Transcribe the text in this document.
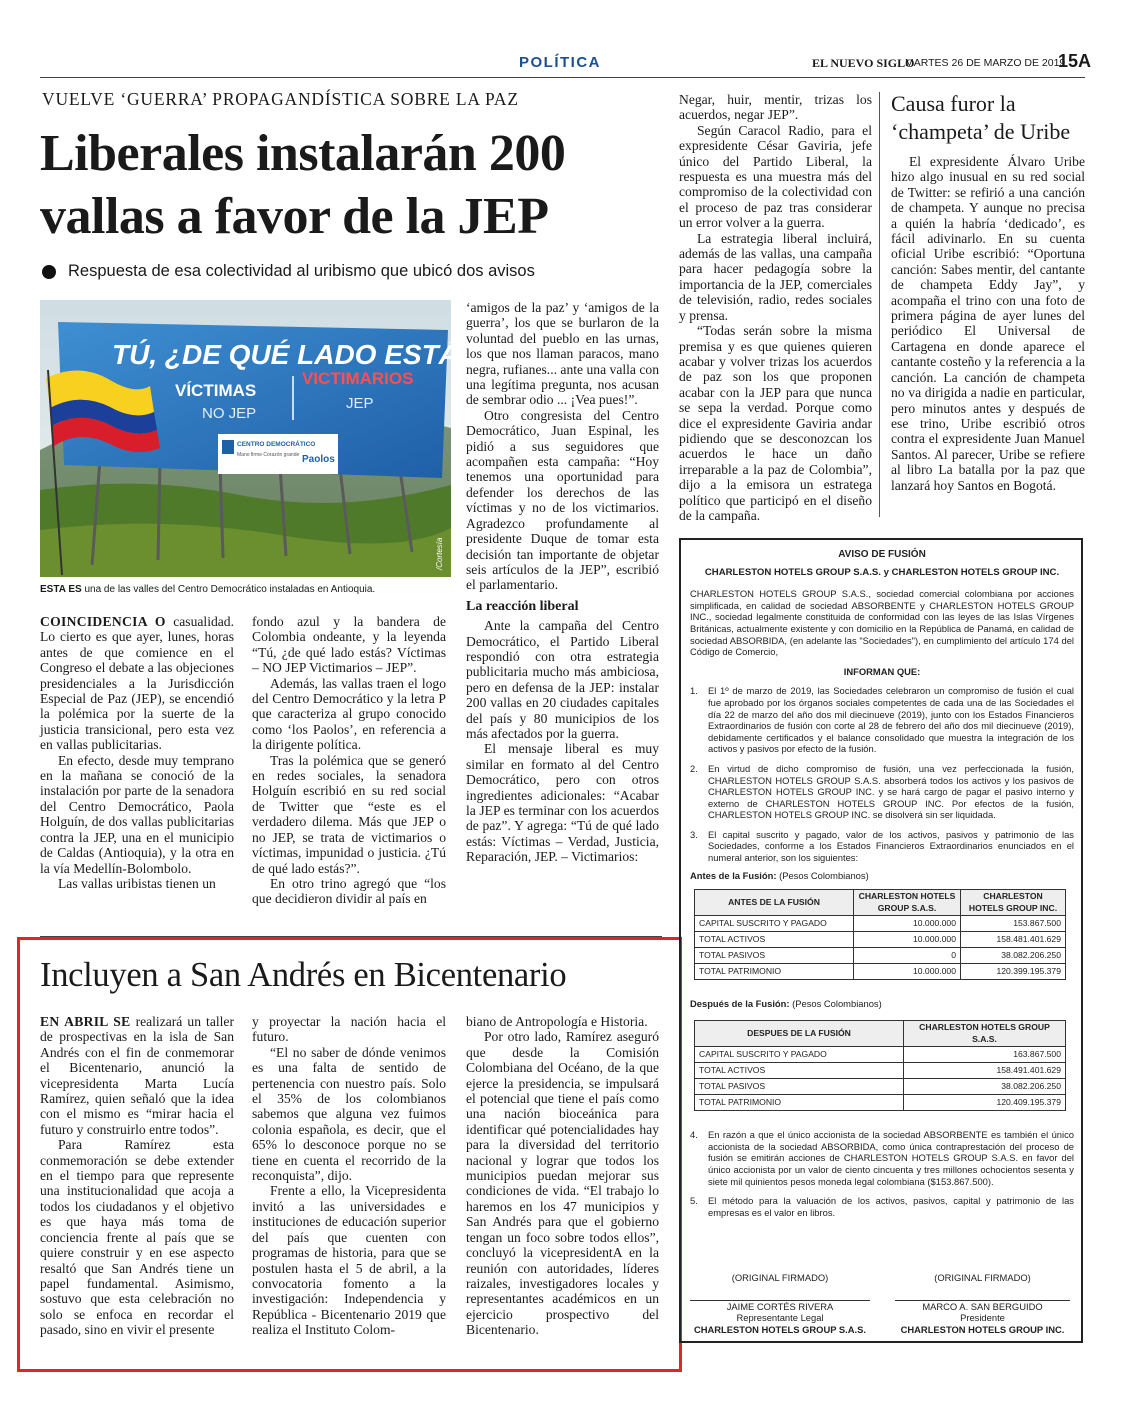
POLÍTICA	EL NUEVO SIGLO
MARTES 26 DE MARZO DE 2019
15A
VUELVE ‘GUERRA’ PROPAGANDÍSTICA SOBRE LA PAZ
Liberales instalarán 200
vallas a favor de la JEP
Respuesta de esa colectividad al uribismo que ubicó dos avisos
TÚ, ¿DE QUÉ LADO ESTÁS?
VÍCTIMAS
NO JEP
VICTIMARIOS
JEP
CENTRO DEMOCRÁTICO
Mano firme Corazón grande Paolos
/Cortesía
ESTA ES una de las valles del Centro Democrático instaladas en Antioquia.

COINCIDENCIA O casualidad. Lo cierto es que ayer, lunes, horas antes de que comience en el Congreso el debate a las objeciones presidenciales a la Jurisdicción Especial de Paz (JEP), se encendió la polémica por la suerte de la justicia transicional, pero esta vez en vallas publicitarias.

En efecto, desde muy temprano en la mañana se conoció de la instalación por parte de la senadora del Centro Democrático, Paola Holguín, de dos vallas publicitarias contra la JEP, una en el municipio de Caldas (Antioquia), y la otra en la vía Medellín-Bolombolo.

Las vallas uribistas tienen un

fondo azul y la bandera de Colombia ondeante, y la leyenda “Tú, ¿de qué lado estás? Víctimas – NO JEP Victimarios – JEP”.

Además, las vallas traen el logo del Centro Democrático y la letra P que caracteriza al grupo conocido como ‘los Paolos’, en referencia a la dirigente política.

Tras la polémica que se generó en redes sociales, la senadora Holguín escribió en su red social de Twitter que “este es el verdadero dilema. Más que JEP o no JEP, se trata de victimarios o víctimas, impunidad o justicia. ¿Tú de qué lado estás?”.

En otro trino agregó que “los que decidieron dividir al país en

‘amigos de la paz’ y ‘amigos de la guerra’, los que se burlaron de la voluntad del pueblo en las urnas, los que nos llaman paracos, mano negra, rufianes... ante una valla con una legítima pregunta, nos acusan de sembrar odio ... ¡Vea pues!”.

Otro congresista del Centro Democrático, Juan Espinal, les pidió a sus seguidores que acompañen esta campaña: “Hoy tenemos una oportunidad para defender los derechos de las víctimas y no de los victimarios. Agradezco profundamente al presidente Duque de tomar esta decisión tan importante de objetar seis artículos de la JEP”, escribió el parlamentario.

La reacción liberal

Ante la campaña del Centro Democrático, el Partido Liberal respondió con otra estrategia publicitaria mucho más ambiciosa, pero en defensa de la JEP: instalar 200 vallas en 20 ciudades capitales del país y 80 municipios de los más afectados por la guerra.

El mensaje liberal es muy similar en formato al del Centro Democrático, pero con otros ingredientes adicionales: “Acabar la JEP es terminar con los acuerdos de paz”. Y agrega: “Tú de qué lado estás: Víctimas – Verdad, Justicia, Reparación, JEP. – Victimarios:

Negar, huir, mentir, trizas los acuerdos, negar JEP”.

Según Caracol Radio, para el expresidente César Gaviria, jefe único del Partido Liberal, la respuesta es una muestra más del compromiso de la colectividad con el proceso de paz tras considerar un error volver a la guerra.

La estrategia liberal incluirá, además de las vallas, una campaña para hacer pedagogía sobre la importancia de la JEP, comerciales de televisión, radio, redes sociales y prensa.

“Todas serán sobre la misma premisa y es que quienes quieren acabar y volver trizas los acuerdos de paz son los que proponen acabar con la JEP para que nunca se sepa la verdad. Porque como dice el expresidente Gaviria andar pidiendo que se desconozcan los acuerdos le hace un daño irreparable a la paz de Colombia”, dijo a la emisora un estratega político que participó en el diseño de la campaña.

Causa furor la
‘champeta’ de Uribe

El expresidente Álvaro Uribe hizo algo inusual en su red social de Twitter: se refirió a una canción de champeta. Y aunque no precisa a quién la habría ‘dedicado’, es fácil adivinarlo. En su cuenta oficial Uribe escribió: “Oportuna canción: Sabes mentir, del cantante de champeta Eddy Jay”, y acompaña el trino con una foto de primera página de ayer lunes del periódico El Universal de Cartagena en donde aparece el cantante costeño y la referencia a la canción. La canción de champeta no va dirigida a nadie en particular, pero minutos antes y después de ese trino, Uribe escribió otros contra el expresidente Juan Manuel Santos. Al parecer, Uribe se refiere al libro La batalla por la paz que lanzará hoy Santos en Bogotá.

Incluyen a San Andrés en Bicentenario

EN ABRIL SE realizará un taller de prospectivas en la isla de San Andrés con el fin de conmemorar el Bicentenario, anunció la vicepresidenta Marta Lucía Ramírez, quien señaló que la idea con el mismo es “mirar hacia el futuro y construirlo entre todos”.

Para Ramírez esta conmemoración se debe extender en el tiempo para que represente una institucionalidad que acoja a todos los ciudadanos y el objetivo es que haya más toma de conciencia frente al país que se quiere construir y en ese aspecto resaltó que San Andrés tiene un papel fundamental. Asimismo, sostuvo que esta celebración no solo se enfoca en recordar el pasado, sino en vivir el presente

y proyectar la nación hacia el futuro.

“El no saber de dónde venimos es una falta de sentido de pertenencia con nuestro país. Solo el 35% de los colombianos sabemos que alguna vez fuimos colonia española, es decir, que el 65% lo desconoce porque no se tiene en cuenta el recorrido de la reconquista”, dijo.

Frente a ello, la Vicepresidenta invitó a las universidades e instituciones de educación superior del país que cuenten con programas de historia, para que se postulen hasta el 5 de abril, a la convocatoria fomento a la investigación: Independencia y República - Bicentenario 2019 que realiza el Instituto Colom-

biano de Antropología e Historia.

Por otro lado, Ramírez aseguró que desde la Comisión Colombiana del Océano, de la que ejerce la presidencia, se impulsará el potencial que tiene el país como una nación bioceánica para identificar qué potencialidades hay para la diversidad del territorio nacional y lograr que todos los municipios puedan mejorar sus condiciones de vida. “El trabajo lo haremos en los 47 municipios y San Andrés para que el gobierno tengan un foco sobre todos ellos”, concluyó la vicepresidentA en la reunión con autoridades, líderes raizales, investigadores locales y representantes académicos en un ejercicio prospectivo del Bicentenario.

AVISO DE FUSIÓN
CHARLESTON HOTELS GROUP S.A.S. y CHARLESTON HOTELS GROUP INC.

CHARLESTON HOTELS GROUP S.A.S., sociedad comercial colombiana por acciones simplificada, en calidad de sociedad ABSORBENTE y CHARLESTON HOTELS GROUP INC., sociedad legalmente constituida de conformidad con las leyes de las Islas Vírgenes Británicas, actualmente existente y con domicilio en la República de Panamá, en calidad de sociedad ABSORBIDA, (en adelante las "Sociedades"), en cumplimiento del artículo 174 del Código de Comercio,

INFORMAN QUE:
1.	El 1º de marzo de 2019, las Sociedades celebraron un compromiso de fusión el cual fue aprobado por los órganos sociales competentes de cada una de las Sociedades el día 22 de marzo del año dos mil diecinueve (2019), junto con los Estados Financieros Extraordinarios de fusión con corte al 28 de febrero del año dos mil diecinueve (2019), debidamente certificados y el balance consolidado que muestra la integración de los activos y pasivos por efecto de la fusión.

2.	En virtud de dicho compromiso de fusión, una vez perfeccionada la fusión, CHARLESTON HOTELS GROUP S.A.S. absorberá todos los activos y los pasivos de CHARLESTON HOTELS GROUP INC. y se hará cargo de pagar el pasivo interno y externo de CHARLESTON HOTELS GROUP INC. Por efectos de la fusión, CHARLESTON HOTELS GROUP INC. se disolverá sin ser liquidada.

3.	El capital suscrito y pagado, valor de los activos, pasivos y patrimonio de las Sociedades, conforme a los Estados Financieros Extraordinarios enunciados en el numeral anterior, son los siguientes:

Antes de la Fusión: (Pesos Colombianos)
ANTES DE LA FUSIÓN	CHARLESTON HOTELS GROUP S.A.S.	CHARLESTON HOTELS GROUP INC.
CAPITAL SUSCRITO Y PAGADO	10.000.000	153.867.500
TOTAL ACTIVOS	10.000.000	158.481.401.629
TOTAL PASIVOS	0	38.082.206.250
TOTAL PATRIMONIO	10.000.000	120.399.195.379
Después de la Fusión: (Pesos Colombianos)
DESPUES DE LA FUSIÓN	CHARLESTON HOTELS GROUP S.A.S.
CAPITAL SUSCRITO Y PAGADO	163.867.500
TOTAL ACTIVOS	158.491.401.629
TOTAL PASIVOS	38.082.206.250
TOTAL PATRIMONIO	120.409.195.379
4.	En razón a que el único accionista de la sociedad ABSORBENTE es también el único accionista de la sociedad ABSORBIDA, como única contraprestación del proceso de fusión se emitirán acciones de CHARLESTON HOTELS GROUP S.A.S. en favor del único accionista por un valor de ciento cincuenta y tres millones ochocientos sesenta y siete mil quinientos pesos moneda legal colombiana ($153.867.500).

5.	El método para la valuación de los activos, pasivos, capital y patrimonio de las empresas es el valor en libros.

(ORIGINAL FIRMADO)
JAIME CORTÉS RIVERA
Representante Legal
CHARLESTON HOTELS GROUP S.A.S.
(ORIGINAL FIRMADO)
MARCO A. SAN BERGUIDO
Presidente
CHARLESTON HOTELS GROUP INC.
